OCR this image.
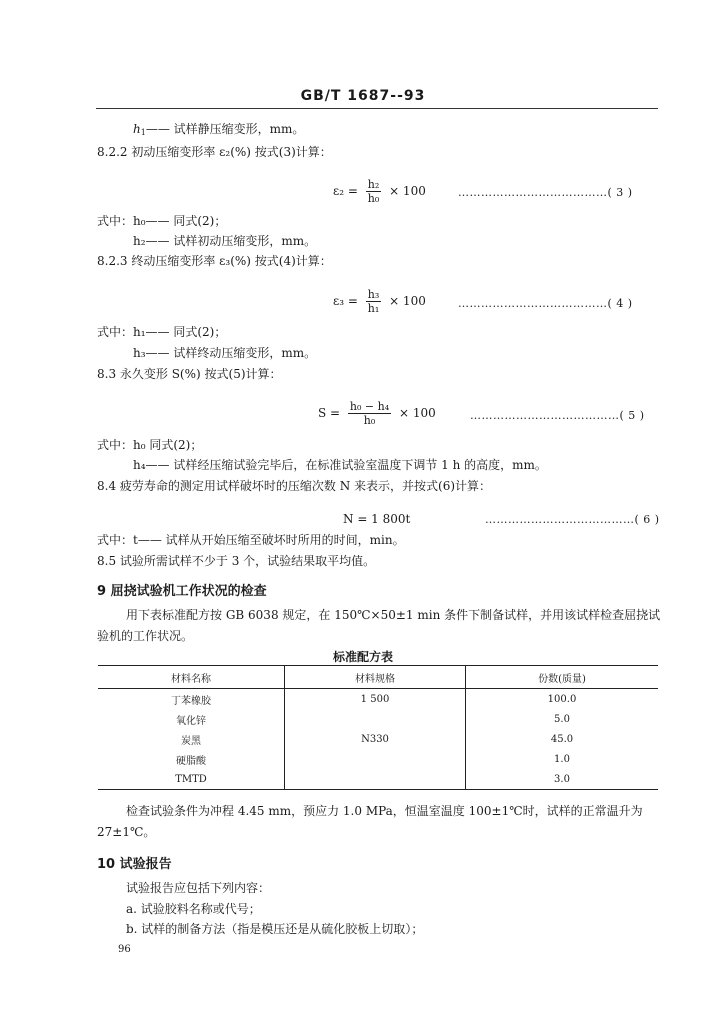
GB/T 1687--93
$h_1——$ 试样静压缩变形，mm。
8.2.2 初动压缩变形率 ε₂(%) 按式(3)计算：
$\varepsilon_2 = \frac{\text{h₂}}{\text{h₀}} \times 100$	…………………………………( 3 )
式中：h₀—— 同式(2)；
h₂—— 试样初动压缩变形，mm。
8.2.3 终动压缩变形率 ε₃(%) 按式(4)计算：
$\varepsilon_3 = \frac{\text{h₃}}{\text{h₁}} \times 100$	…………………………………( 4 )
式中：h₁—— 同式(2)；
h₃—— 试样终动压缩变形，mm。
8.3 永久变形 S(%) 按式(5)计算：
$S = \frac{\text{h₀ − h₄}}{\text{h₀}} \times 100$	…………………………………( 5 )
式中：h₀ 同式(2)；
h₄—— 试样经压缩试验完毕后，在标准试验室温度下调节 1 h 的高度，mm。
8.4 疲劳寿命的测定用试样破坏时的压缩次数 N 来表示，并按式(6)计算：
N = 1 800t	…………………………………( 6 )
式中：t—— 试样从开始压缩至破坏时所用的时间，min。
8.5 试验所需试样不少于 3 个，试验结果取平均值。
9 屈挠试验机工作状况的检查
用下表标准配方按 GB 6038 规定，在 150℃×50±1 min 条件下制备试样，并用该试样检查屈挠试
验机的工作状况。
标准配方表
材料名称	材料规格	份数(质量)
丁苯橡胶	1 500	100.0
氧化锌		5.0
炭黑	N330	45.0
硬脂酸		1.0
TMTD		3.0
检查试验条件为冲程 4.45 mm，预应力 1.0 MPa，恒温室温度 100±1℃时，试样的正常温升为
27±1℃。
10 试验报告
试验报告应包括下列内容：
a. 试验胶料名称或代号；
b. 试样的制备方法（指是模压还是从硫化胶板上切取）；
96
